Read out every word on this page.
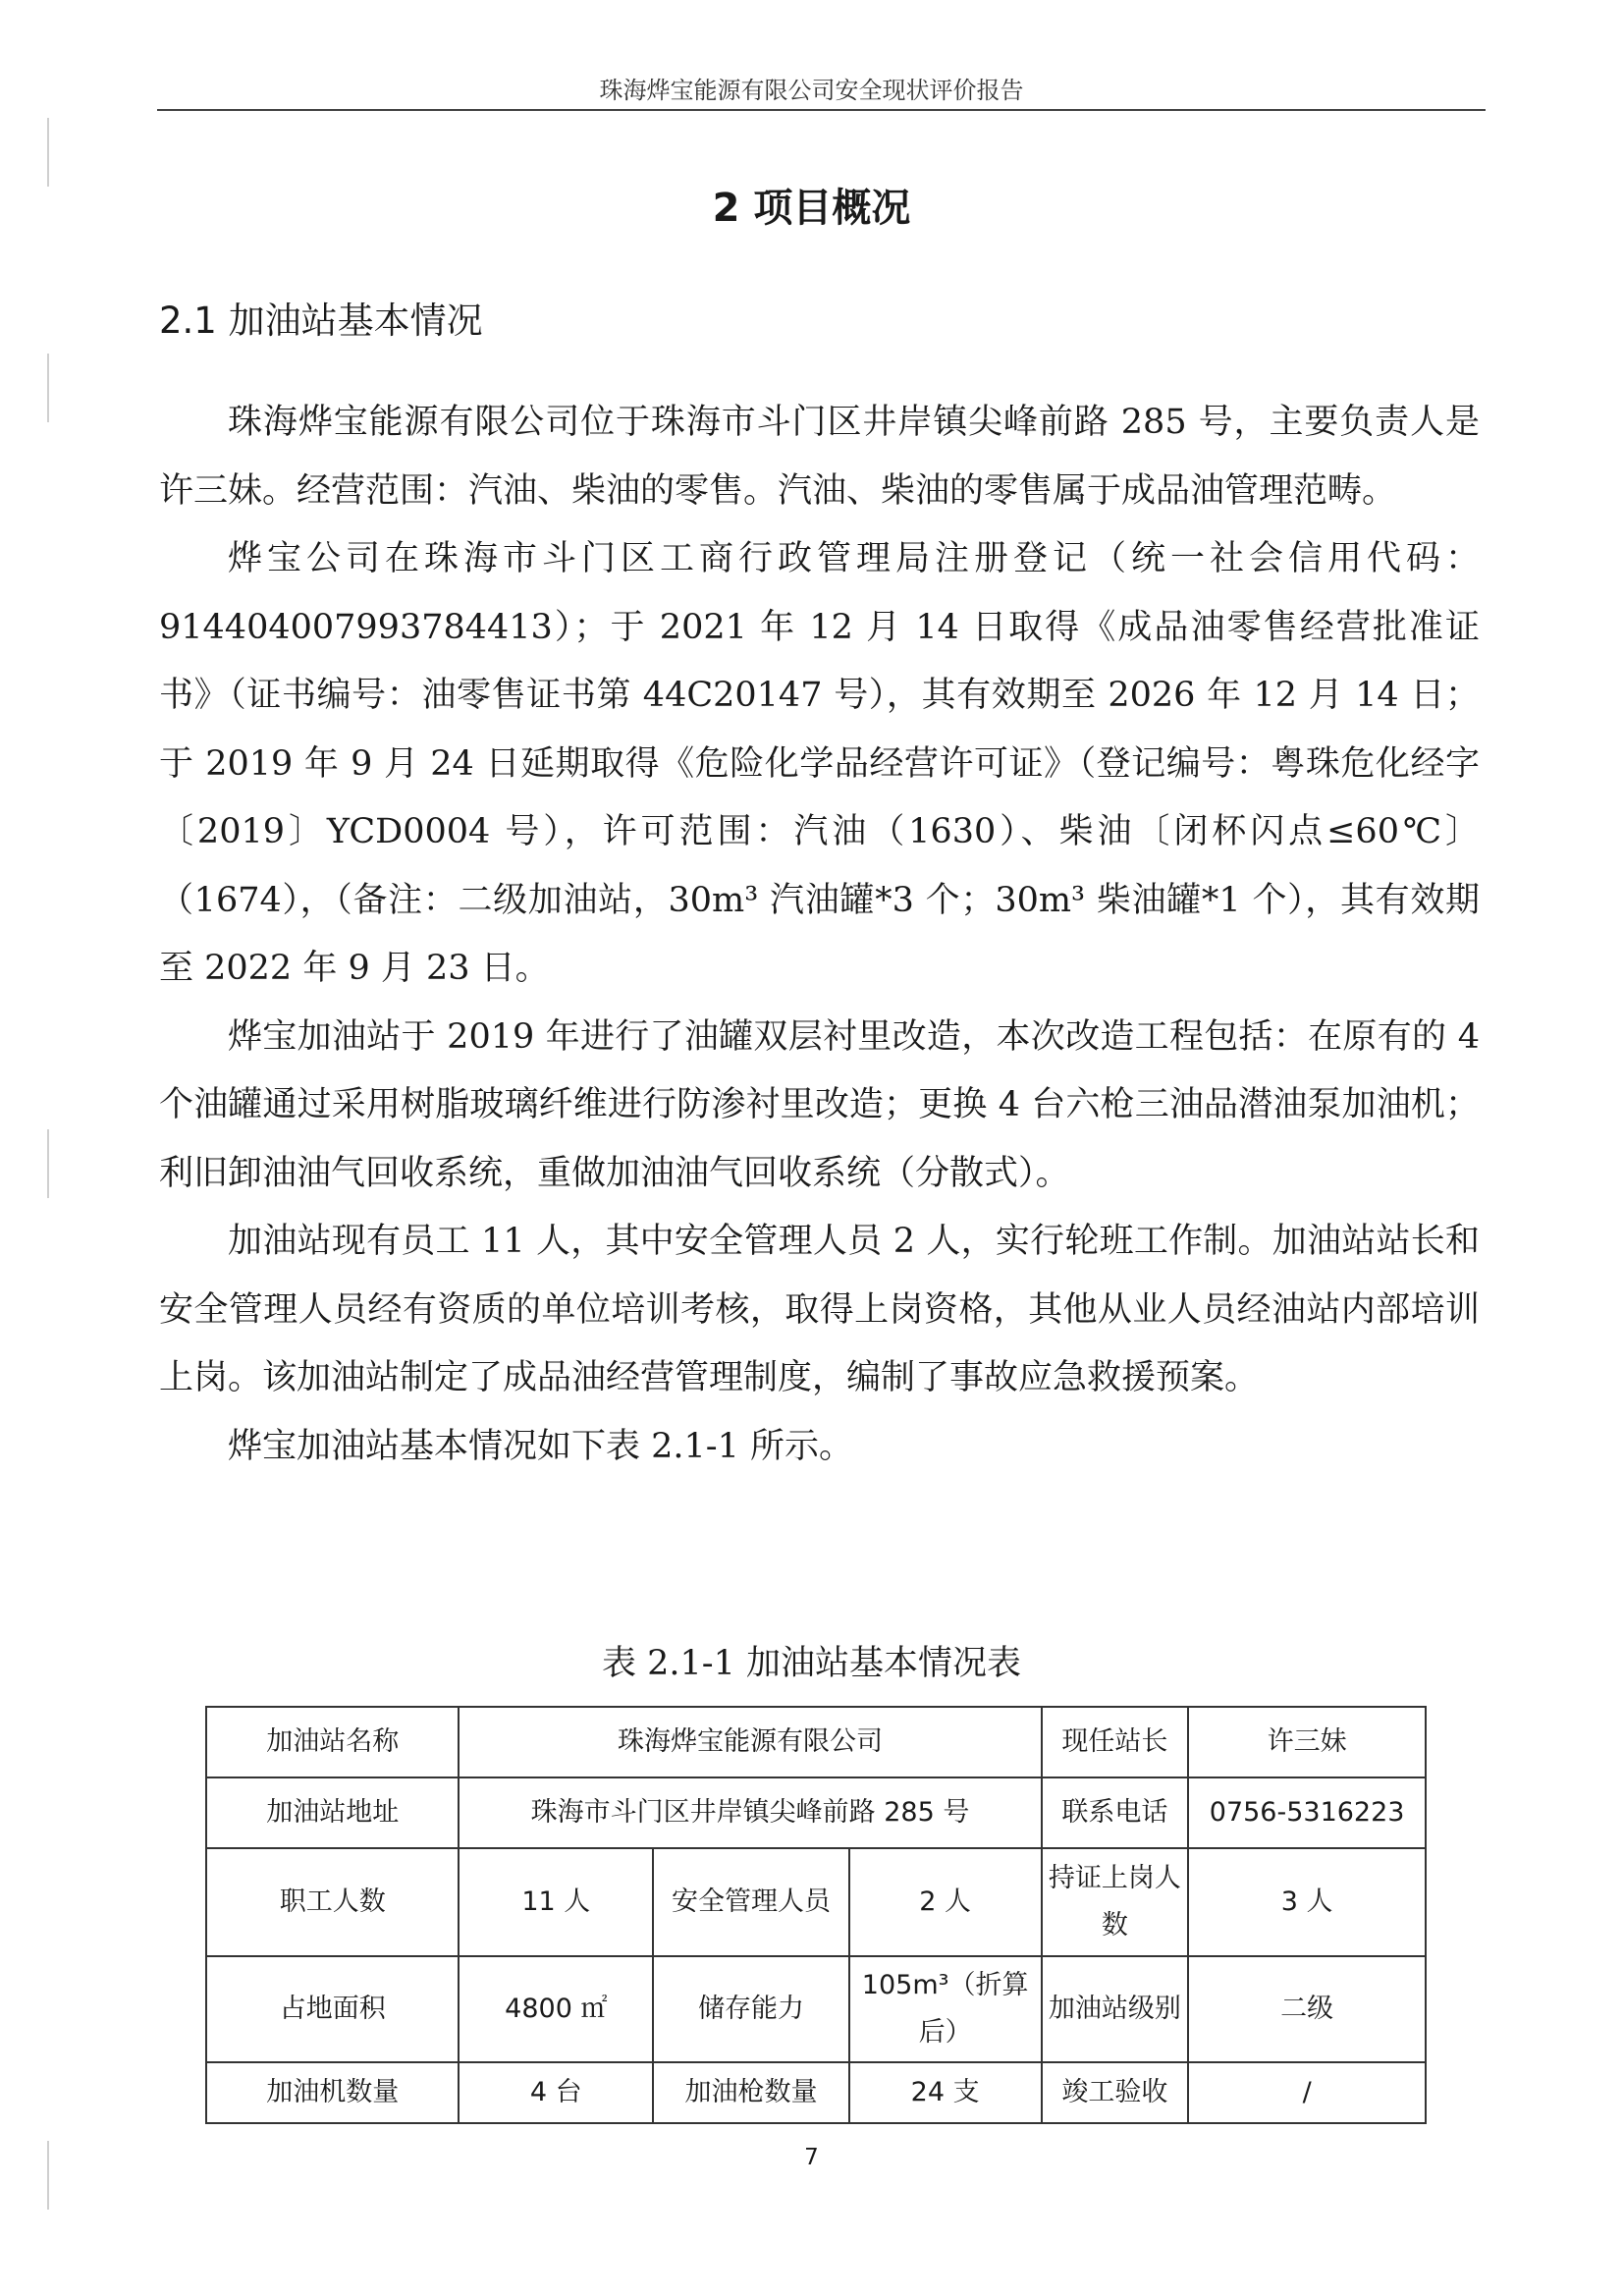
珠海烨宝能源有限公司安全现状评价报告
2 项目概况
2.1 加油站基本情况

珠海烨宝能源有限公司位于珠海市斗门区井岸镇尖峰前路 285 号，主要负责人是许三妹。经营范围：汽油、柴油的零售。汽油、柴油的零售属于成品油管理范畴。

烨宝公司在珠海市斗门区工商行政管理局注册登记（统一社会信用代码：914404007993784413）；于 2021 年 12 月 14 日取得《成品油零售经营批准证书》（证书编号：油零售证书第 44C20147 号），其有效期至 2026 年 12 月 14 日；于 2019 年 9 月 24 日延期取得《危险化学品经营许可证》（登记编号：粤珠危化经字〔2019〕YCD0004 号），许可范围：汽油（1630）、柴油〔闭杯闪点≤60℃〕（1674），（备注：二级加油站，30m³ 汽油罐*3 个；30m³ 柴油罐*1 个），其有效期至 2022 年 9 月 23 日。

烨宝加油站于 2019 年进行了油罐双层衬里改造，本次改造工程包括：在原有的 4 个油罐通过采用树脂玻璃纤维进行防渗衬里改造；更换 4 台六枪三油品潜油泵加油机；利旧卸油油气回收系统，重做加油油气回收系统（分散式）。

加油站现有员工 11 人，其中安全管理人员 2 人，实行轮班工作制。加油站站长和安全管理人员经有资质的单位培训考核，取得上岗资格，其他从业人员经油站内部培训上岗。该加油站制定了成品油经营管理制度，编制了事故应急救援预案。

烨宝加油站基本情况如下表 2.1-1 所示。

表 2.1-1 加油站基本情况表
加油站名称	珠海烨宝能源有限公司			现任站长	许三妹
加油站地址	珠海市斗门区井岸镇尖峰前路 285 号			联系电话	0756-5316223
职工人数	11 人	安全管理人员	2 人	持证上岗人数	3 人
占地面积	4800 ㎡	储存能力	105m³（折算后）	加油站级别	二级
加油机数量	4 台	加油枪数量	24 支	竣工验收	/
7
